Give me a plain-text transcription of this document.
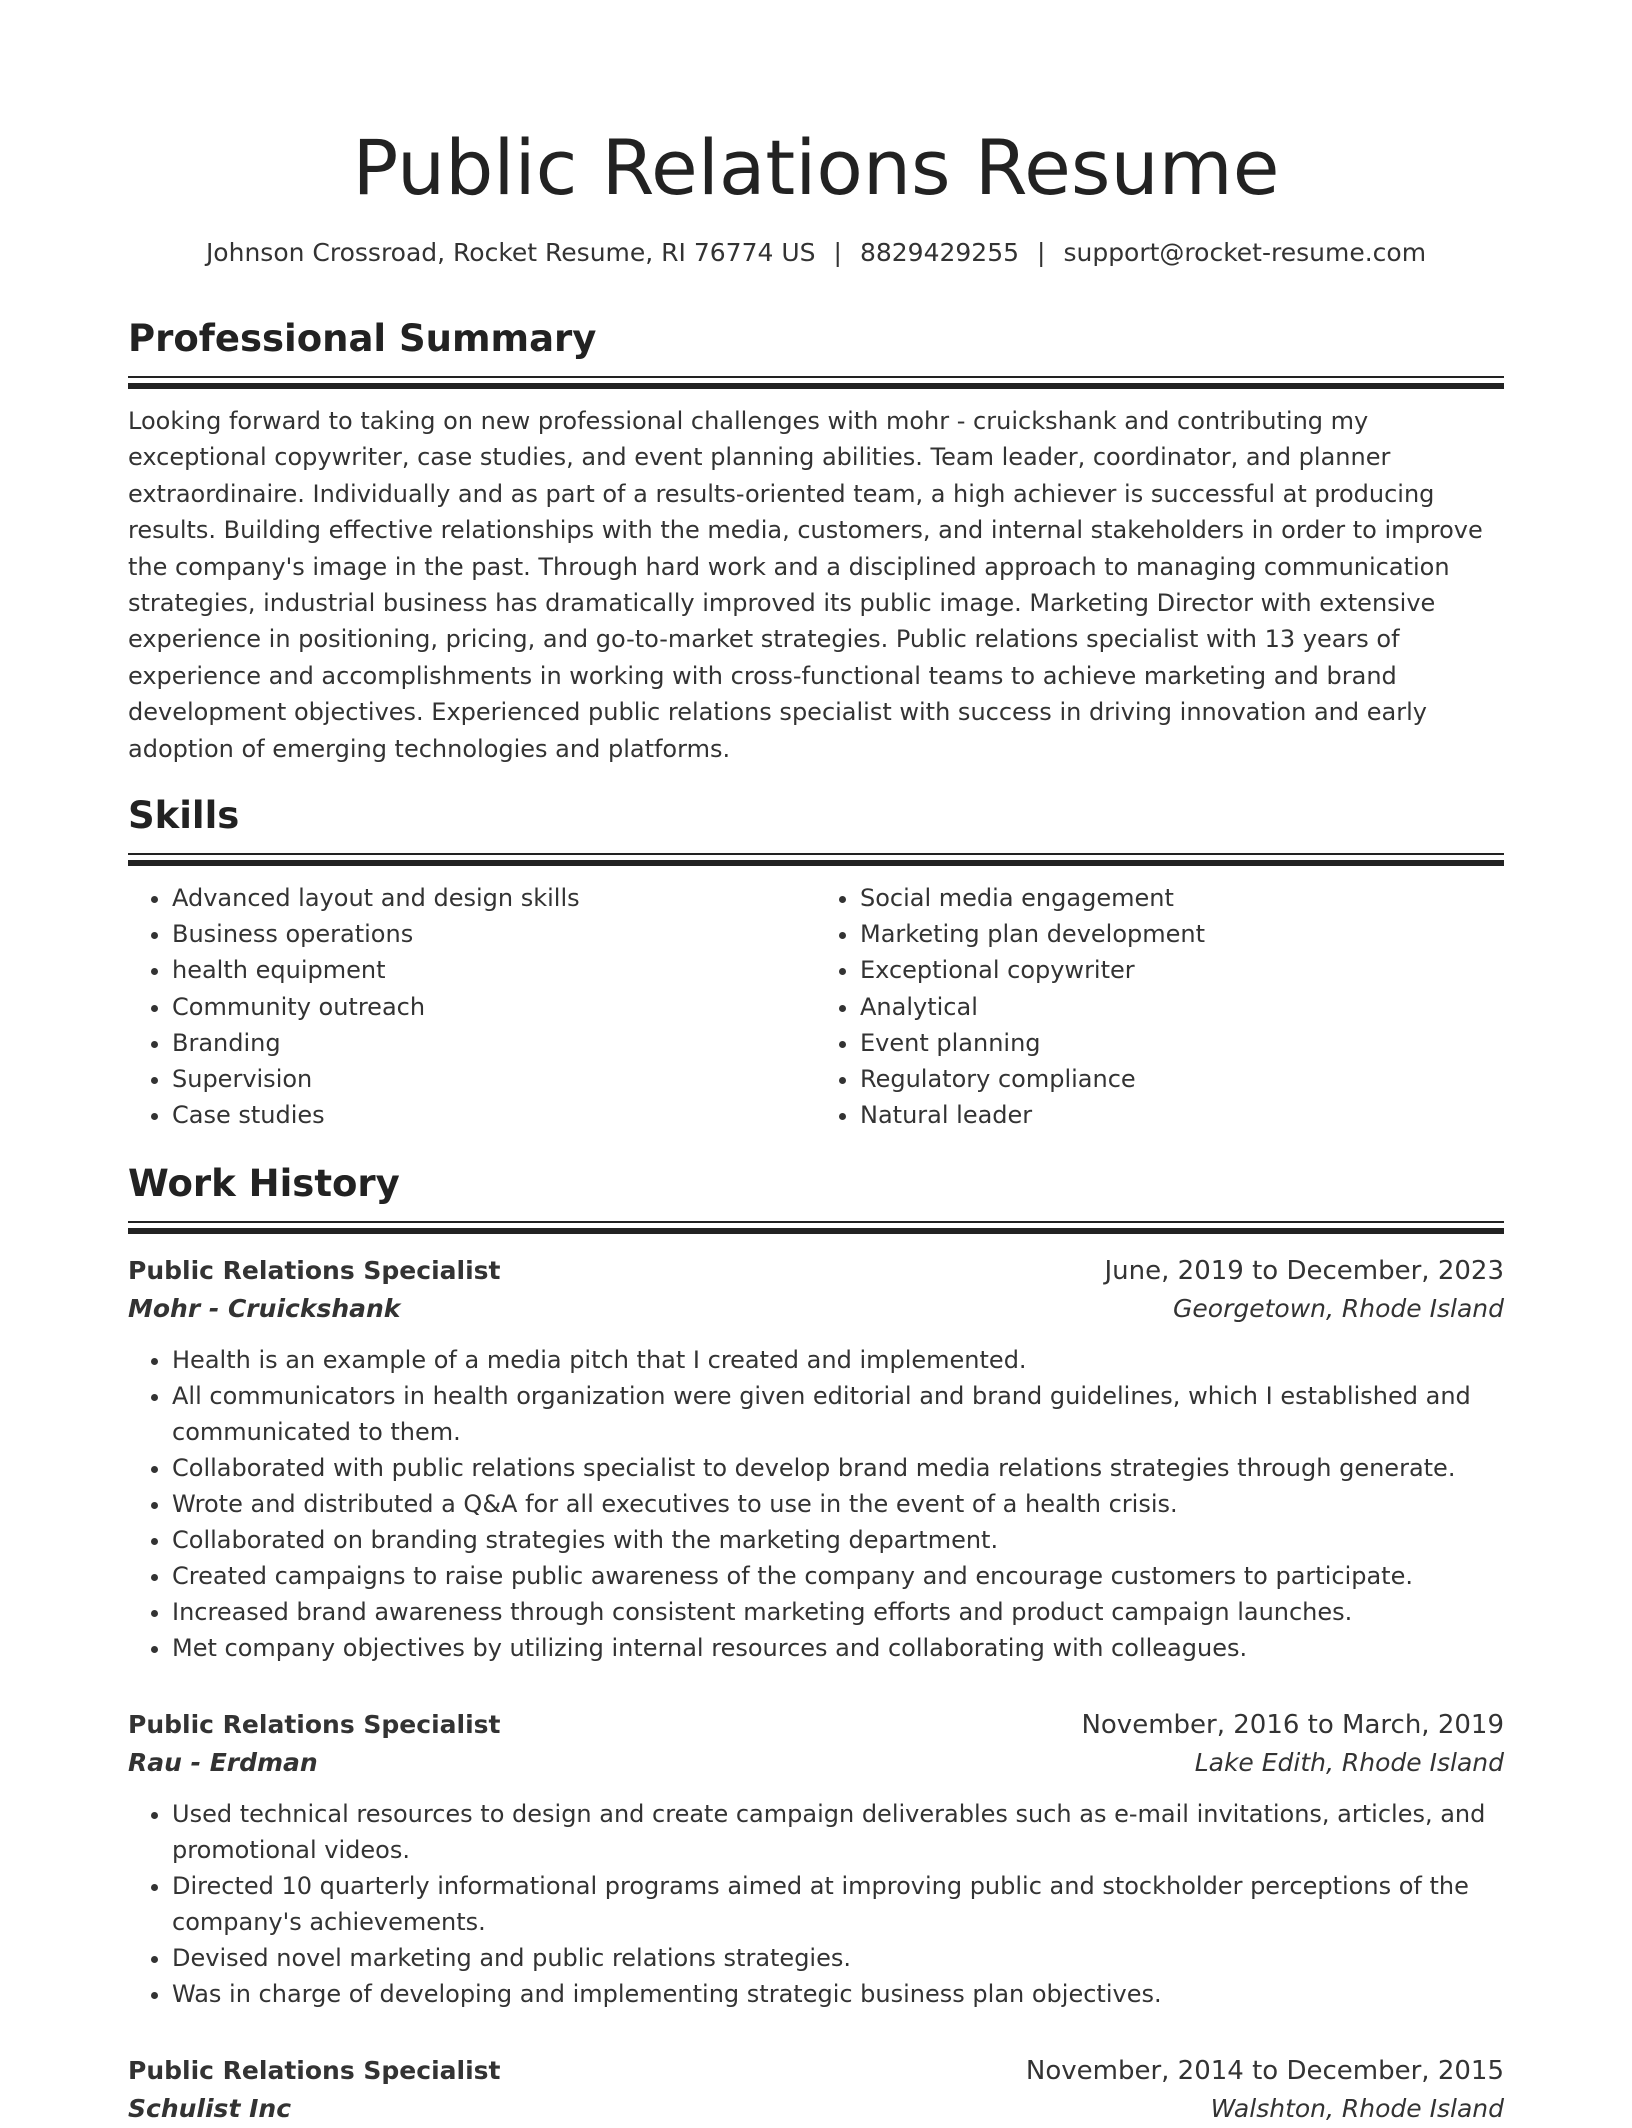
Public Relations Resume
Johnson Crossroad, Rocket Resume, RI 76774 US | 8829429255 | support@rocket-resume.com
Professional Summary
Looking forward to taking on new professional challenges with mohr - cruickshank and contributing my exceptional copywriter, case studies, and event planning abilities. Team leader, coordinator, and planner extraordinaire. Individually and as part of a results-oriented team, a high achiever is successful at producing results. Building effective relationships with the media, customers, and internal stakeholders in order to improve the company's image in the past. Through hard work and a disciplined approach to managing communication strategies, industrial business has dramatically improved its public image. Marketing Director with extensive experience in positioning, pricing, and go-to-market strategies. Public relations specialist with 13 years of experience and accomplishments in working with cross-functional teams to achieve marketing and brand development objectives. Experienced public relations specialist with success in driving innovation and early adoption of emerging technologies and platforms.
Skills
• Advanced layout and design skills
• Business operations
• health equipment
• Community outreach
• Branding
• Supervision
• Case studies
• Social media engagement
• Marketing plan development
• Exceptional copywriter
• Analytical
• Event planning
• Regulatory compliance
• Natural leader
Work History
Public Relations Specialist	June, 2019 to December, 2023
Mohr - Cruickshank	Georgetown, Rhode Island
• Health is an example of a media pitch that I created and implemented.
• All communicators in health organization were given editorial and brand guidelines, which I established and communicated to them.
• Collaborated with public relations specialist to develop brand media relations strategies through generate.
• Wrote and distributed a Q&A for all executives to use in the event of a health crisis.
• Collaborated on branding strategies with the marketing department.
• Created campaigns to raise public awareness of the company and encourage customers to participate.
• Increased brand awareness through consistent marketing efforts and product campaign launches.
• Met company objectives by utilizing internal resources and collaborating with colleagues.
Public Relations Specialist	November, 2016 to March, 2019
Rau - Erdman	Lake Edith, Rhode Island
• Used technical resources to design and create campaign deliverables such as e-mail invitations, articles, and promotional videos.
• Directed 10 quarterly informational programs aimed at improving public and stockholder perceptions of the company's achievements.
• Devised novel marketing and public relations strategies.
• Was in charge of developing and implementing strategic business plan objectives.
Public Relations Specialist	November, 2014 to December, 2015
Schulist Inc	Walshton, Rhode Island
